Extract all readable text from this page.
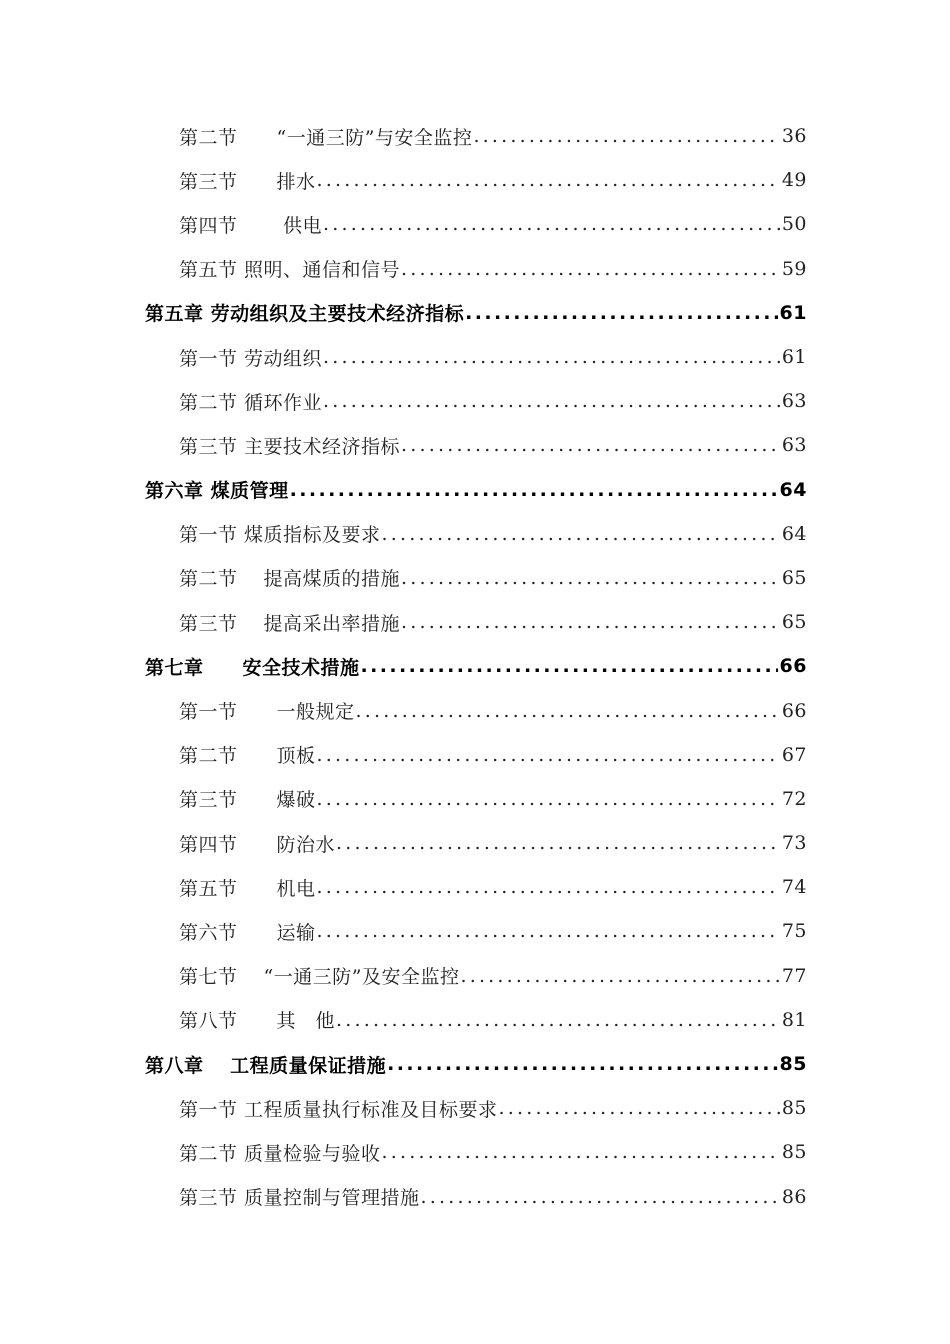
第二节　　“一通三防”与安全监控 .....	36
第三节　　排水 .....	49
第四节　　 供电 .....	50
第五节 照明、通信和信号 .....	59
第五章 劳动组织及主要技术经济指标 .....	61
第一节 劳动组织 .....	61
第二节 循环作业 .....	63
第三节 主要技术经济指标 .....	63
第六章 煤质管理 .....	64
第一节 煤质指标及要求 .....	64
第二节　 提高煤质的措施 .....	65
第三节　 提高采出率措施 .....	65
第七章　　安全技术措施 .....	66
第一节　　一般规定 .....	66
第二节　　顶板 .....	67
第三节　　爆破 .....	72
第四节　　防治水 .....	73
第五节　　机电 .....	74
第六节　　运输 .....	75
第七节　 “一通三防”及安全监控 .....	77
第八节　　其　他 .....	81
第八章　 工程质量保证措施 .....	85
第一节 工程质量执行标准及目标要求 .....	85
第二节 质量检验与验收 .....	85
第三节 质量控制与管理措施 .....	86
